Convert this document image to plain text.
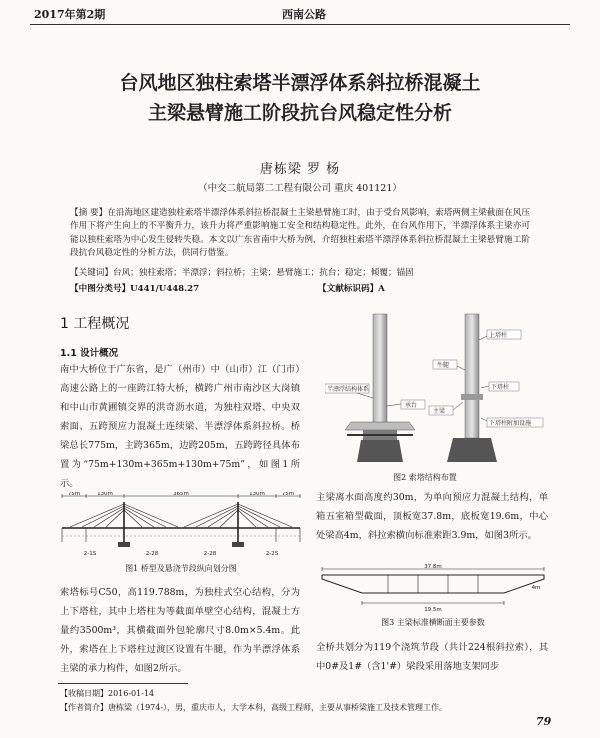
2017年第2期	西南公路
台风地区独柱索塔半漂浮体系斜拉桥混凝土
主梁悬臂施工阶段抗台风稳定性分析
唐栋梁 罗 杨
（中交二航局第二工程有限公司 重庆 401121）
【摘 要】在沿海地区建造独柱索塔半漂浮体系斜拉桥混凝土主梁悬臂施工时，由于受台风影响，索塔两侧主梁截面在风压作用下将产生向上的不平衡升力，该升力将严重影响施工安全和结构稳定性。此外，在台风作用下，半漂浮体系主梁亦可能以独柱索塔为中心发生侵转失稳。本文以广东省南中大桥为例，介绍独柱索塔半漂浮体系斜拉桥混凝土主梁悬臂施工阶段抗台风稳定性的分析方法，供同行借鉴。
【关键词】台风；独柱索塔；半漂浮；斜拉桥；主梁；悬臂施工；抗台；稳定；倾覆；锚固
【中图分类号】U441/U448.27	【文献标识码】A
1 工程概况
1.1 设计概况
南中大桥位于广东省，是广（州市）中（山市）江（门市）高速公路上的一座跨江特大桥，横跨广州市南沙区大岗镇和中山市黄圃镇交界的洪奇沥水道，为独柱双塔、中央双索面、五跨预应力混凝土连续梁、半漂浮体系斜拉桥。桥梁总长775m，主跨365m，边跨205m，五跨跨径具体布置为“75m+130m+365m+130m+75m”，如图1所示。
75m	130m	365m	130m	75m
2-1S	2-28	2-28	2-2S
图1 桥型及悬浇节段纵向划分图
索塔标号C50，高119.788m，为独柱式空心结构，分为上下塔柱，其中上塔柱为等截面单壁空心结构，混凝土方量约3500m³，其横截面外包轮廓尺寸8.0m×5.4m。此外，索塔在上下塔柱过渡区设置有牛腿，作为半漂浮体系主梁的承力构件，如图2所示。
半漂浮结构体系
承台
上塔柱
牛腿
下塔柱
主梁
下塔柱附加设施
图2 索塔结构布置
主梁离水面高度约30m，为单向预应力混凝土结构，单箱五室箱型截面，顶板宽37.8m，底板宽19.6m，中心处梁高4m，斜拉索横向标准索距3.9m，如图3所示。
37.8m
19.5m
4m
图3 主梁标准横断面主要参数
全桥共划分为119个浇筑节段（共计224根斜拉索），其中0#及1#（含1'#）梁段采用落地支架同步
【收稿日期】2016-01-14
【作者简介】唐栋梁（1974-），男，重庆市人，大学本科，高级工程师，主要从事桥梁施工及技术管理工作。
79
